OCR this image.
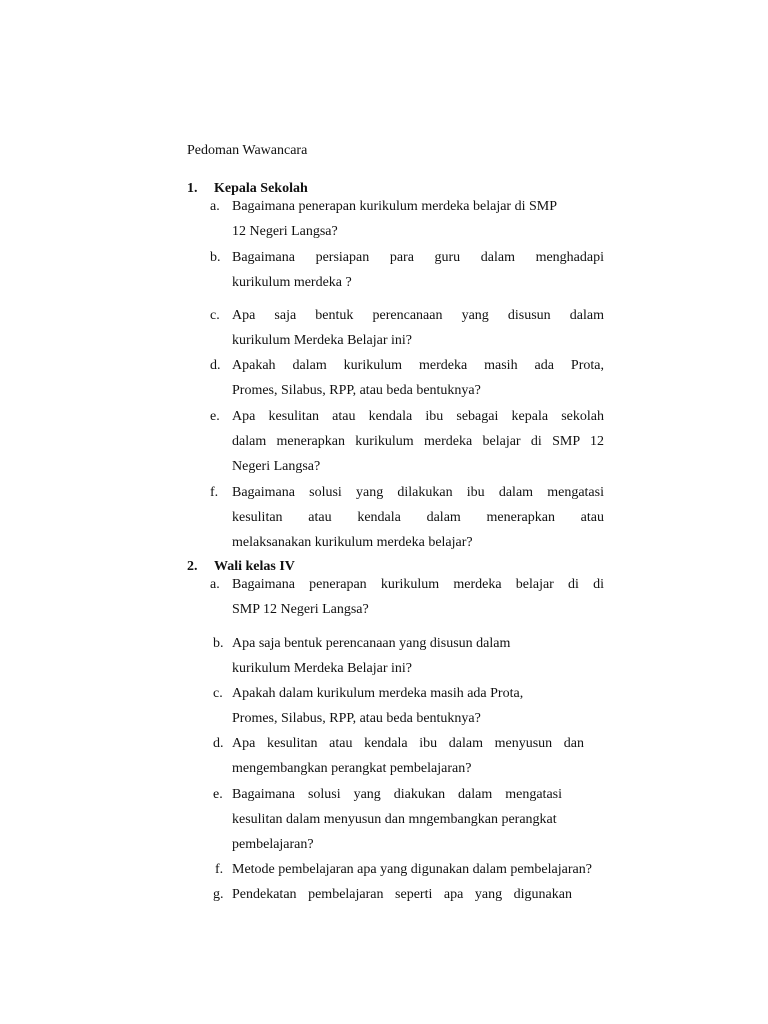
Pedoman Wawancara
1. Kepala Sekolah
a. Bagaimana penerapan kurikulum merdeka belajar di SMP
12 Negeri Langsa?
b. Bagaimana persiapan para guru dalam menghadapi
kurikulum merdeka ?
c. Apa saja bentuk perencanaan yang disusun dalam
kurikulum Merdeka Belajar ini?
d. Apakah dalam kurikulum merdeka masih ada Prota,
Promes, Silabus, RPP, atau beda bentuknya?
e. Apa kesulitan atau kendala ibu sebagai kepala sekolah
dalam menerapkan kurikulum merdeka belajar di SMP 12
Negeri Langsa?
f. Bagaimana solusi yang dilakukan ibu dalam mengatasi
kesulitan atau kendala dalam menerapkan atau
melaksanakan kurikulum merdeka belajar?
2. Wali kelas IV
a. Bagaimana penerapan kurikulum merdeka belajar di di
SMP 12 Negeri Langsa?
b. Apa saja bentuk perencanaan yang disusun dalam
kurikulum Merdeka Belajar ini?
c. Apakah dalam kurikulum merdeka masih ada Prota,
Promes, Silabus, RPP, atau beda bentuknya?
d. Apa kesulitan atau kendala ibu dalam menyusun dan
mengembangkan perangkat pembelajaran?
e. Bagaimana solusi yang diakukan dalam mengatasi
kesulitan dalam menyusun dan mngembangkan perangkat
pembelajaran?
f. Metode pembelajaran apa yang digunakan dalam pembelajaran?
g. Pendekatan pembelajaran seperti apa yang digunakan
